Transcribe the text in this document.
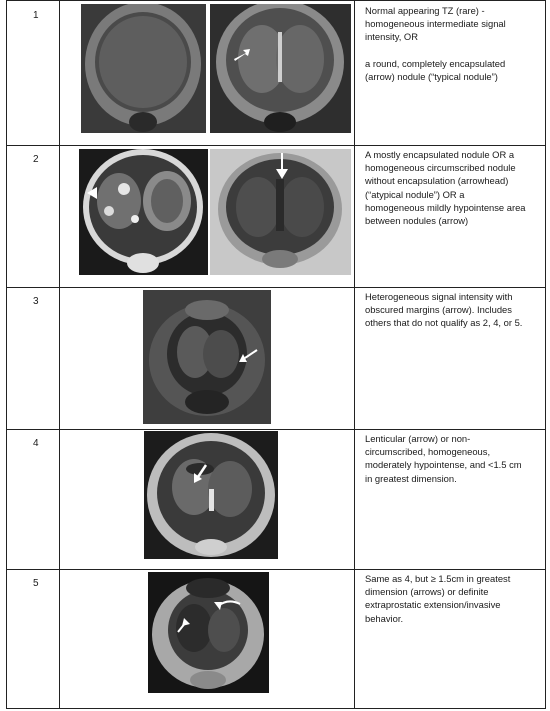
1	Normal appearing TZ (rare) -
homogeneous intermediate signal
intensity, OR
a round, completely encapsulated
(arrow) nodule (“typical nodule”)
2	A mostly encapsulated nodule OR a
homogeneous circumscribed nodule
without encapsulation (arrowhead)
(“atypical nodule”) OR a
homogeneous mildly hypointense area
between nodules (arrow)
3	Heterogeneous signal intensity with
obscured margins (arrow). Includes
others that do not qualify as 2, 4, or 5.
4	Lenticular (arrow) or non-
circumscribed, homogeneous,
moderately hypointense, and <1.5 cm
in greatest dimension.
5	Same as 4, but ≥ 1.5cm in greatest
dimension (arrows) or definite
extraprostatic extension/invasive
behavior.
